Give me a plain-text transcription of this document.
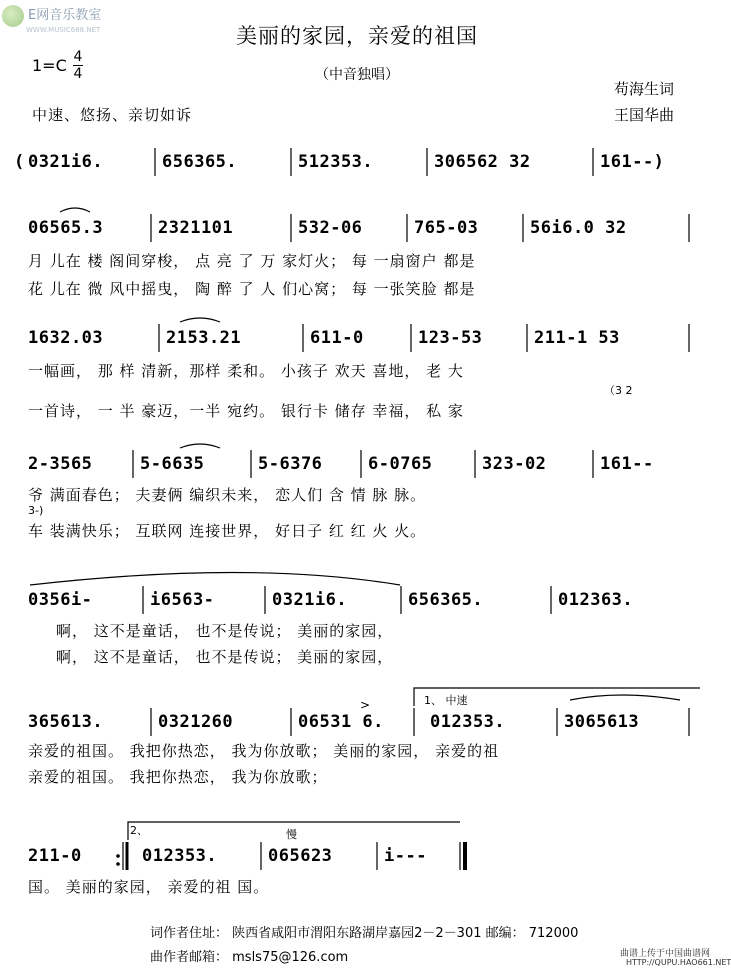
E网音乐教室
WWW.MUSIC688.NET	美丽的家园，亲爱的祖国
（中音独唱）
1=C 4
4
苟海生词
王国华曲
中速、悠扬、亲切如诉
( 0321i6.	656365.	512353.	306562 32	161--)
06565.3	2321101	532-06	765-03	56i6.0 32
月 儿在 楼 阁间穿梭， 点 亮 了 万 家灯火； 每 一扇窗户 都是
花 儿在 微 风中摇曳， 陶 醉 了 人 们心窝； 每 一张笑脸 都是
1632.03	2153.21	611-0	123-53	211-1 53
一幅画， 那 样 清新，那样 柔和。 小孩子 欢天 喜地， 老 大
（3 2
一首诗， 一 半 豪迈，一半 宛约。 银行卡 储存 幸福， 私 家
2-3565	5-6635	5-6376	6-0765	323-02	161--
爷 满面春色； 夫妻俩 编织未来， 恋人们 含 情 脉 脉。
3-)
车 装满快乐； 互联网 连接世界， 好日子 红 红 火 火。
0356i-	i6563-	0321i6.	656365.	012363.
啊， 这不是童话， 也不是传说； 美丽的家园，
啊， 这不是童话， 也不是传说； 美丽的家园，
1、 中速
365613.	0321260	06531 6.	012353.	3065613
>
亲爱的祖国。 我把你热恋， 我为你放歌； 美丽的家园， 亲爱的祖
亲爱的祖国。 我把你热恋， 我为你放歌；
2、	慢
211-0	012353.	065623	i---
国。 美丽的家园， 亲爱的祖 国。
词作者住址： 陕西省咸阳市渭阳东路湖岸嘉园2－2－301 邮编： 712000
曲作者邮箱： msls75@126.com	曲谱上传于中国曲谱网
HTTP://QUPU.HAO661.NET
